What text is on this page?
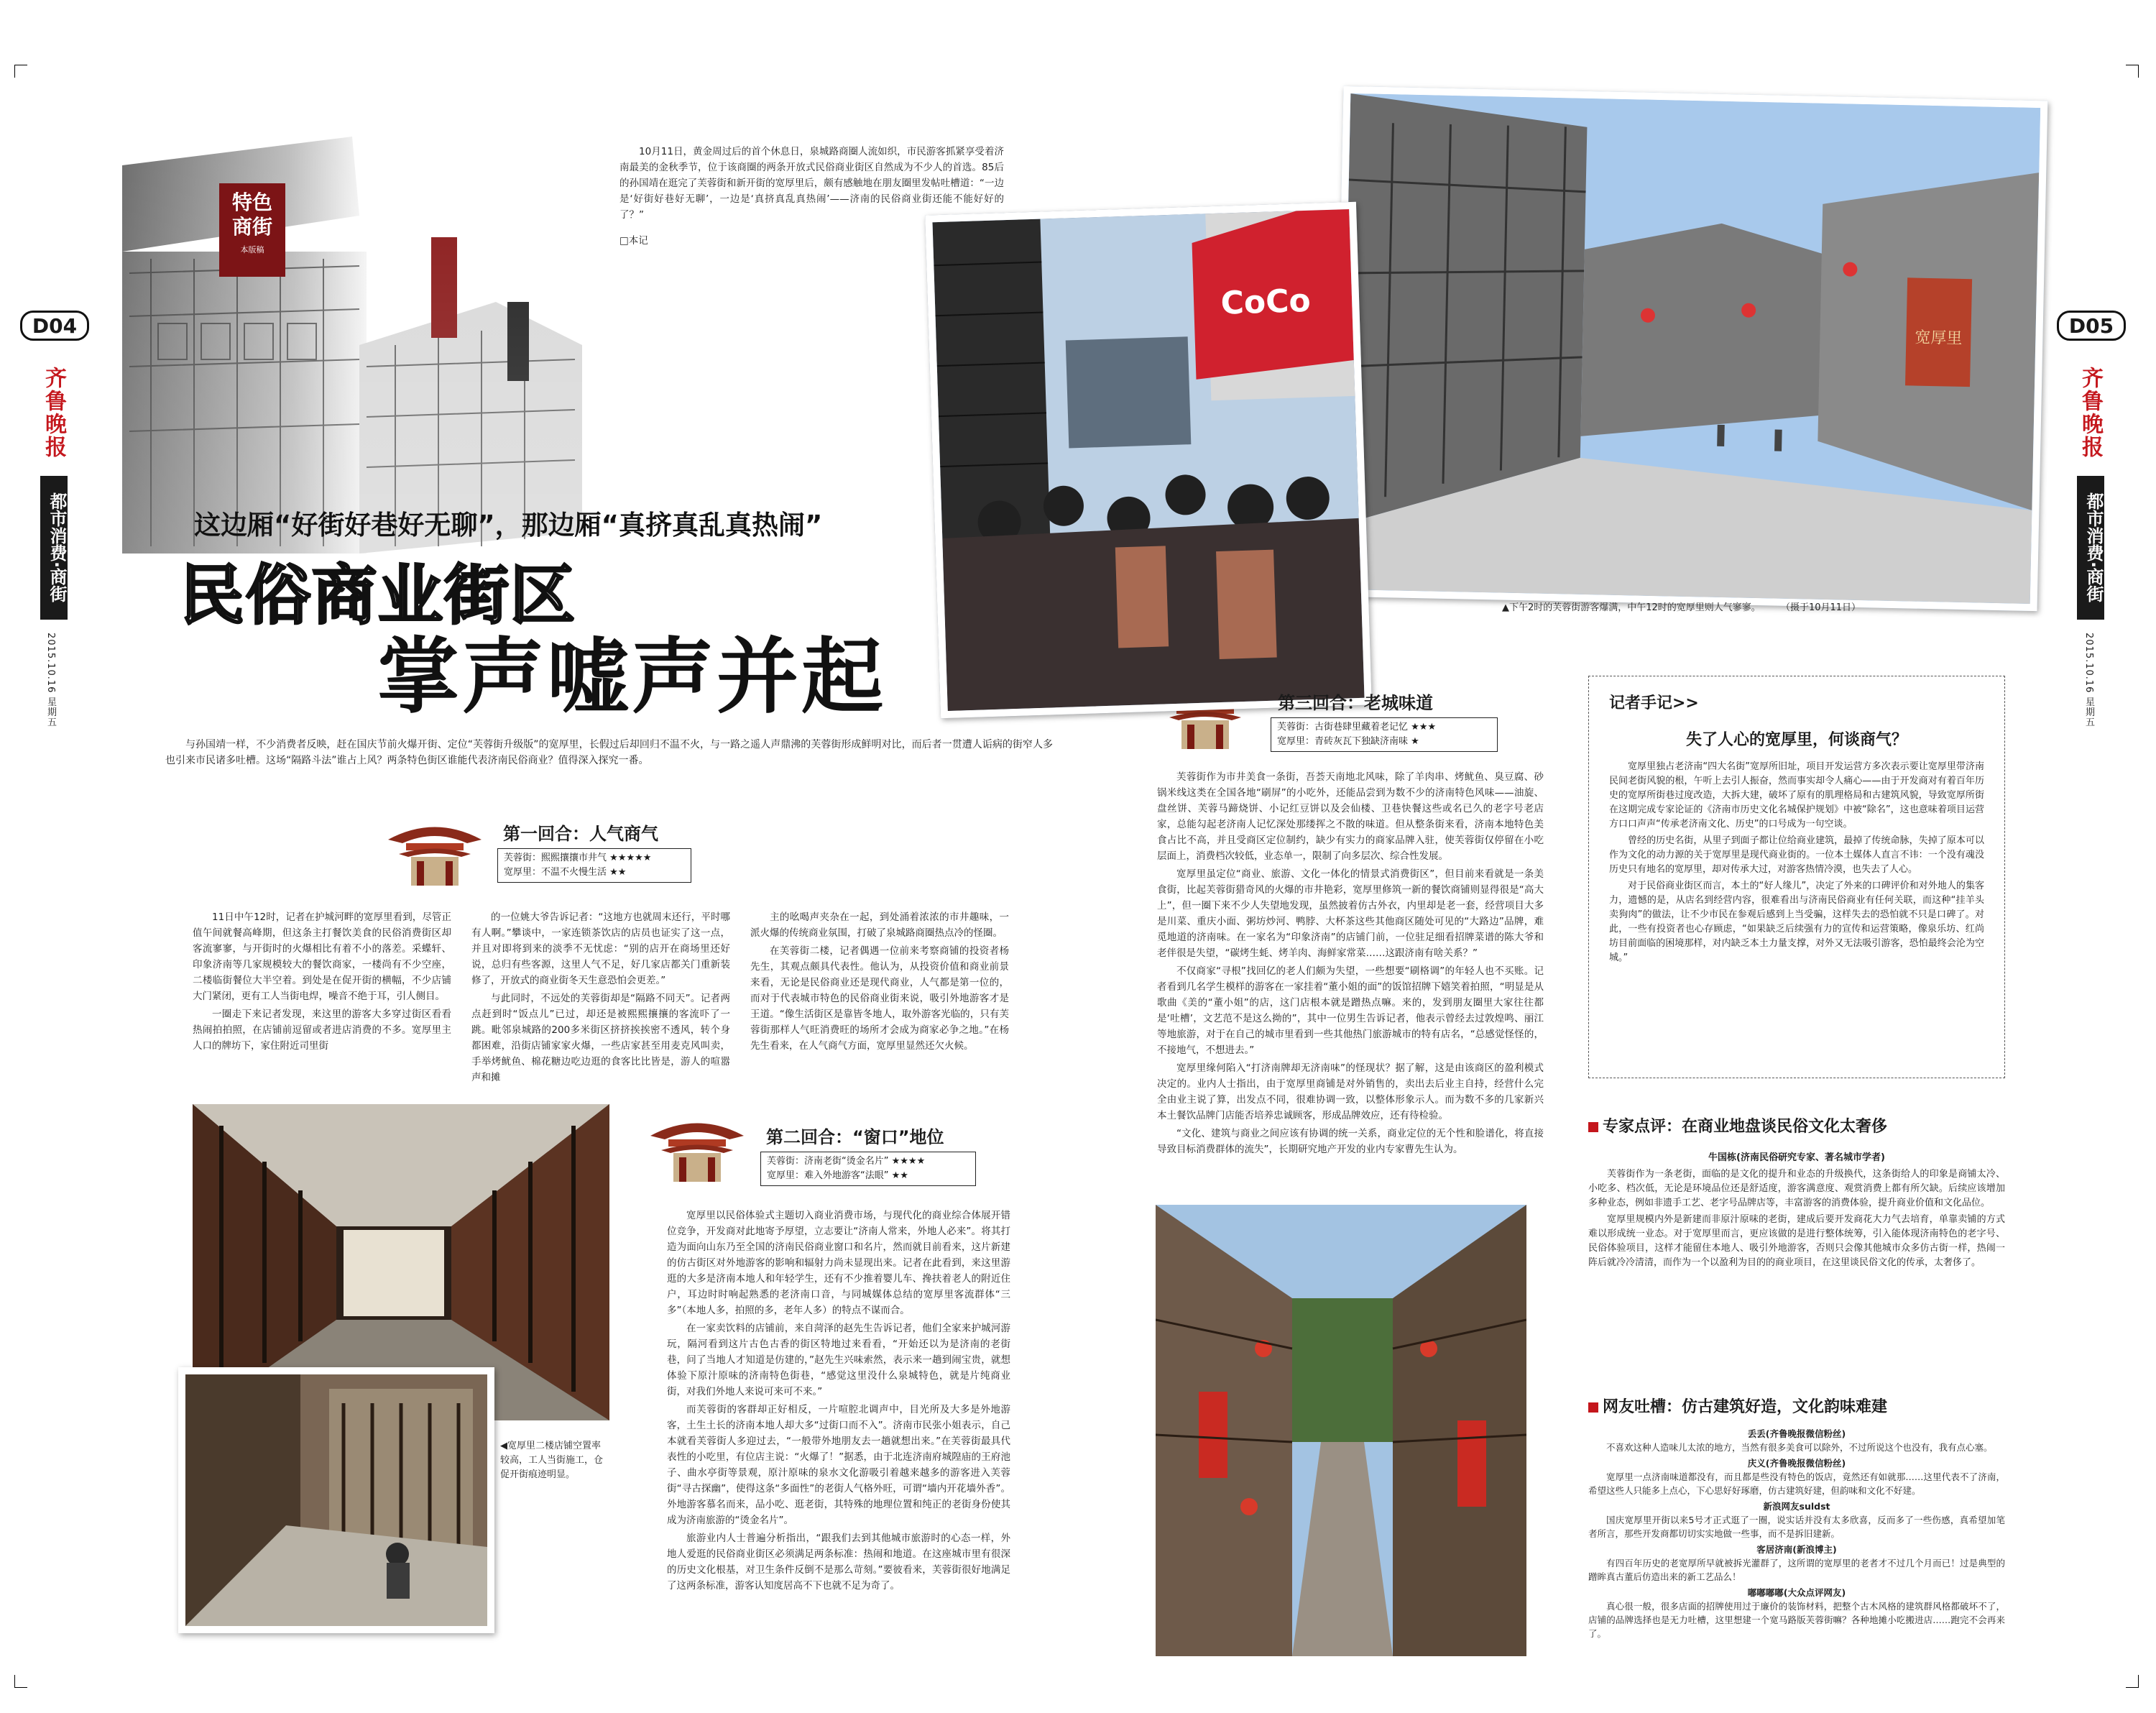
D04
齐鲁晚报
都市消费·商街
2015.10.16 星期五
D05
齐鲁晚报
都市消费·商街
2015.10.16 星期五
特色
商街
本版稿
这边厢“好街好巷好无聊”，那边厢“真挤真乱真热闹”
民俗商业街区
掌声嘘声并起

10月11日，黄金周过后的首个休息日，泉城路商圈人流如织，市民游客抓紧享受着济南最美的金秋季节，位于该商圈的两条开放式民俗商业街区自然成为不少人的首选。85后的孙国靖在逛完了芙蓉街和新开街的宽厚里后，颇有感触地在朋友圈里发帖吐槽道：“一边是‘好街好巷好无聊’，一边是‘真挤真乱真热闹’——济南的民俗商业街还能不能好好的了？”

□本记

与孙国靖一样，不少消费者反映，赶在国庆节前火爆开街、定位“芙蓉街升级版”的宽厚里，长假过后却回归不温不火，与一路之遥人声鼎沸的芙蓉街形成鲜明对比，而后者一贯遭人诟病的街窄人多也引来市民诸多吐槽。这场“隔路斗法”谁占上风？两条特色街区谁能代表济南民俗商业？值得深入探究一番。

第一回合：人气商气
芙蓉街：熙熙攘攘市井气 ★★★★★
宽厚里：不温不火慢生活 ★★

11日中午12时，记者在护城河畔的宽厚里看到，尽管正值午间就餐高峰期，但这条主打餐饮美食的民俗消费街区却客流寥寥，与开街时的火爆相比有着不小的落差。采蝶轩、印象济南等几家规模较大的餐饮商家，一楼尚有不少空座，二楼临街餐位大半空着。到处是在促开街的横幅，不少店铺大门紧闭，更有工人当街电焊，噪音不绝于耳，引人侧目。

一圈走下来记者发现，来这里的游客大多穿过街区看看热闹拍拍照，在店铺前逗留或者进店消费的不多。宽厚里主人口的牌坊下，家住附近司里街

的一位姚大爷告诉记者：“这地方也就周末还行，平时哪有人啊。”攀谈中，一家连锁茶饮店的店员也证实了这一点，并且对即将到来的淡季不无忧虑：“别的店开在商场里还好说，总归有些客源，这里人气不足，好几家店都关门重新装修了，开放式的商业街冬天生意恐怕会更差。”

与此同时，不远处的芙蓉街却是“隔路不同天”。记者两点赶到时“饭点儿”已过，却还是被熙熙攘攘的客流吓了一跳。毗邻泉城路的200多米街区挤挤挨挨密不透风，转个身都困难，沿街店铺家家火爆，一些店家甚至用麦克风叫卖，手举烤鱿鱼、棉花糖边吃边逛的食客比比皆是，游人的喧嚣声和摊

主的吆喝声夹杂在一起，到处涌着浓浓的市井趣味，一派火爆的传统商业氛围，打破了泉城路商圈热点冷的怪圈。

在芙蓉街二楼，记者偶遇一位前来考察商铺的投资者杨先生，其观点颇具代表性。他认为，从投资价值和商业前景来看，无论是民俗商业还是现代商业，人气都是第一位的，而对于代表城市特色的民俗商业街来说，吸引外地游客才是王道。“像生活街区是靠皆冬地人，取外游客光临的，只有芙蓉街那样人气旺消费旺的场所才会成为商家必争之地。”在杨先生看来，在人气商气方面，宽厚里显然还欠火候。

◀宽厚里二楼店铺空置率较高，工人当街施工，仓促开街痕迹明显。
第二回合：“窗口”地位
芙蓉街：济南老街“烫金名片” ★★★★
宽厚里：难入外地游客“法眼” ★★

宽厚里以民俗体验式主题切入商业消费市场，与现代化的商业综合体展开错位竞争，开发商对此地寄予厚望，立志要让“济南人常来，外地人必来”。将其打造为面向山东乃至全国的济南民俗商业窗口和名片，然而就目前看来，这片新建的仿古街区对外地游客的影响和辐射力尚未显现出来。记者在此看到，来这里游逛的大多是济南本地人和年轻学生，还有不少推着婴儿车、搀扶着老人的附近住户，耳边时时响起熟悉的老济南口音，与同城媒体总结的宽厚里客流群体“三多”（本地人多，拍照的多，老年人多）的特点不谋而合。

在一家卖饮料的店铺前，来自菏泽的赵先生告诉记者，他们全家来护城河游玩，隔河看到这片古色古香的街区特地过来看看，“开始还以为是济南的老街巷，问了当地人才知道是仿建的，”赵先生兴味索然，表示来一趟到闹宝贵，就想体验下原汁原味的济南特色街巷，“感觉这里没什么泉城特色，就是片纯商业街，对我们外地人来说可来可不来。”

而芙蓉街的客群却正好相反，一片喧腔北调声中，目光所及大多是外地游客，土生土长的济南本地人却大多“过街口而不入”。济南市民张小姐表示，自己本就看芙蓉街人多迎过去，“一般带外地朋友去一趟就想出来。”在芙蓉街最具代表性的小吃里，有位店主说：“火爆了！”据悉，由于北连济南府城隍庙的王府池子、曲水亭街等景观，原汁原味的泉水文化游吸引着越来越多的游客进入芙蓉街“寻古探幽”，使得这条“多面性”的老街人气格外旺，可谓“墙内开花墙外香”。外地游客慕名而来，品小吃、逛老街，其特殊的地理位置和纯正的老街身份使其成为济南旅游的“烫金名片”。

旅游业内人士普遍分析指出，“跟我们去到其他城市旅游时的心态一样，外地人爱逛的民俗商业街区必须满足两条标准：热闹和地道。在这座城市里有很深的历史文化根基，对卫生条件反倒不是那么苛刻。”要彼看来，芙蓉街很好地满足了这两条标准，游客认知度居高不下也就不足为奇了。

宽厚里
CoCo
▲下午2时的芙蓉街游客爆满，中午12时的宽厚里则人气寥寥。 （摄于10月11日）
第三回合：老城味道
芙蓉街：古街巷肆里藏着老记忆 ★★★
宽厚里：青砖灰瓦下独缺济南味 ★

芙蓉街作为市井美食一条街，吾荟天南地北风味，除了羊肉串、烤鱿鱼、臭豆腐、砂锅米线这类在全国各地“刷屏”的小吃外，还能品尝到为数不少的济南特色风味——油旋、盘丝饼、芙蓉马蹄烧饼、小记红豆饼以及会仙楼、卫巷快餐这些或名已久的老字号老店家，总能勾起老济南人记忆深处那缕挥之不散的味道。但从整条街来看，济南本地特色美食占比不高，并且受商区定位制约，缺少有实力的商家品牌入驻，使芙蓉街仅停留在小吃层面上，消费档次较低，业态单一，限制了向多层次、综合性发展。

宽厚里虽定位“商业、旅游、文化一体化的情景式消费街区”，但目前来看就是一条美食街，比起芙蓉街猎奇风的火爆的市井艳彩，宽厚里修筑一新的餐饮商铺则显得很是“高大上”，但一圈下来不少人失望地发现，虽然披着仿古外衣，内里却是老一套，经营项目大多是川菜、重庆小面、粥坊炒河、鸭脖、大杯茶这些其他商区随处可见的“大路边”品牌，难觅地道的济南味。在一家名为“印象济南”的店铺门前，一位驻足细看招牌菜谱的陈大爷和老伴很是失望，“碳烤生蚝、烤羊肉、海鲜家常菜……这跟济南有啥关系？”

不仅商家“寻根”找回亿的老人们颇为失望，一些想要“刷格调”的年轻人也不买账。记者看到几名学生模样的游客在一家挂着“董小姐的面”的饭馆招牌下嬉笑着拍照，“明显是从歌曲《美的“董小姐”的店，这门店根本就是蹭热点嘛。来的，发到朋友圈里大家往往都是‘吐槽’，文艺范不是这么拗的”，其中一位男生告诉记者，他表示曾经去过敦煌鸣、丽江等地旅游，对于在自己的城市里看到一些其他热门旅游城市的特有店名，“总感觉怪怪的，不接地气，不想进去。”

宽厚里缘何陷入“打济南牌却无济南味”的怪现状？据了解，这是由该商区的盈利模式决定的。业内人士指出，由于宽厚里商铺是对外销售的，卖出去后业主自持，经营什么完全由业主说了算，出发点不同，很难协调一致，以整体形象示人。而为数不多的几家新兴本土餐饮品牌门店能否培养忠诚顾客，形成品牌效应，还有待检验。

“文化、建筑与商业之间应该有协调的统一关系，商业定位的无个性和脸谱化，将直接导致目标消费群体的流失”，长期研究地产开发的业内专家曹先生认为。

记者手记>>
失了人心的宽厚里，何谈商气？

宽厚里独占老济南“四大名街”宽厚所旧址，项目开发运营方多次表示要让宽厚里带济南民间老街风貌的根，午听上去引人振奋，然而事实却令人痛心——由于开发商对有着百年历史的宽厚所街巷过度改造，大拆大建，破坏了原有的肌理格局和古建筑风貌，导致宽厚所街在这期完成专家论证的《济南市历史文化名城保护规划》中被“除名”，这也意味着项目运营方口口声声“传承老济南文化、历史”的口号成为一句空谈。

曾经的历史名街，从里子到面子都让位给商业建筑，最掉了传统命脉，失掉了原本可以作为文化的动力源的关于宽厚里是现代商业街的。一位本土媒体人直言不讳：一个没有魂没历史只有地名的宽厚里，却对传承大过，对游客热情冷漠，也失去了人心。

对于民俗商业街区而言，本土的“好人缘儿”，决定了外来的口碑评价和对外地人的集客力，遗憾的是，从店名到经营内容，很难看出与济南民俗商业有任何关联，而这种“挂羊头卖狗肉”的做法，让不少市民在参观后感到上当受骗，这样失去的恐怕就不只是口碑了。对此，一些有投资者也心存顾虑，“如果缺乏后续强有力的宣传和运营策略，像泉乐坊、红尚坊目前面临的困境那样，对内缺乏本土力量支撑，对外又无法吸引游客，恐怕最终会沦为空城。”

专家点评：在商业地盘谈民俗文化太奢侈
牛国栋(济南民俗研究专家、著名城市学者)

芙蓉街作为一条老街，面临的是文化的提升和业态的升级换代，这条街给人的印象是商铺太冷、小吃多、档次低，无论是环境品位还是舒适度，游客满意度、观赏消费上都有所欠缺。后续应该增加多种业态，例如非遗手工艺、老字号品牌店等，丰富游客的消费体验，提升商业价值和文化品位。

宽厚里规模内外是新建而非原汁原味的老街，建成后要开发商花大力气去培育，单靠卖铺的方式难以形成统一业态。对于宽厚里而言，更应该做的是进行整体统筹，引入能体现济南特色的老字号、民俗体验项目，这样才能留住本地人、吸引外地游客，否则只会像其他城市众多仿古街一样，热闹一阵后就冷冷清清，而作为一个以盈利为目的的商业项目，在这里谈民俗文化的传承，太奢侈了。

网友吐槽：仿古建筑好造，文化韵味难建
丢丢(齐鲁晚报微信粉丝)

不喜欢这种人造味儿太浓的地方，当然有很多美食可以除外，不过所说这个也没有，我有点心塞。

庆义(齐鲁晚报微信粉丝)

宽厚里一点济南味道都没有，而且都是些没有特色的饭店，竟然还有如就那……这里代表不了济南，希望这些人只能多上点心，下心思好好琢磨，仿古建筑好建，但韵味和文化不好建。

新浪网友suldst

国庆宽厚里开街以来5号才正式逛了一圈，说实话并没有太多欣喜，反而多了一些伤感，真希望加笔者所言，那些开发商都切切实实地做一些事，而不是拆旧建新。

客居济南(新浪博主)

有四百年历史的老宽厚所早就被拆光灌群了，这所谓的宽厚里的老者才不过几个月而已！过是典型的蹭眸真古董后仿造出来的新工艺品么！

嘟嘟嘟嘟(大众点评网友)

真心很一般，很多店面的招牌使用过于廉价的装饰材料，把整个古木风格的建筑群风格都破坏不了，店铺的品牌选择也是无力吐槽，这里想建一个宽马路版芙蓉街嘛？各种地摊小吃搬进店……跑完不会再来了。
